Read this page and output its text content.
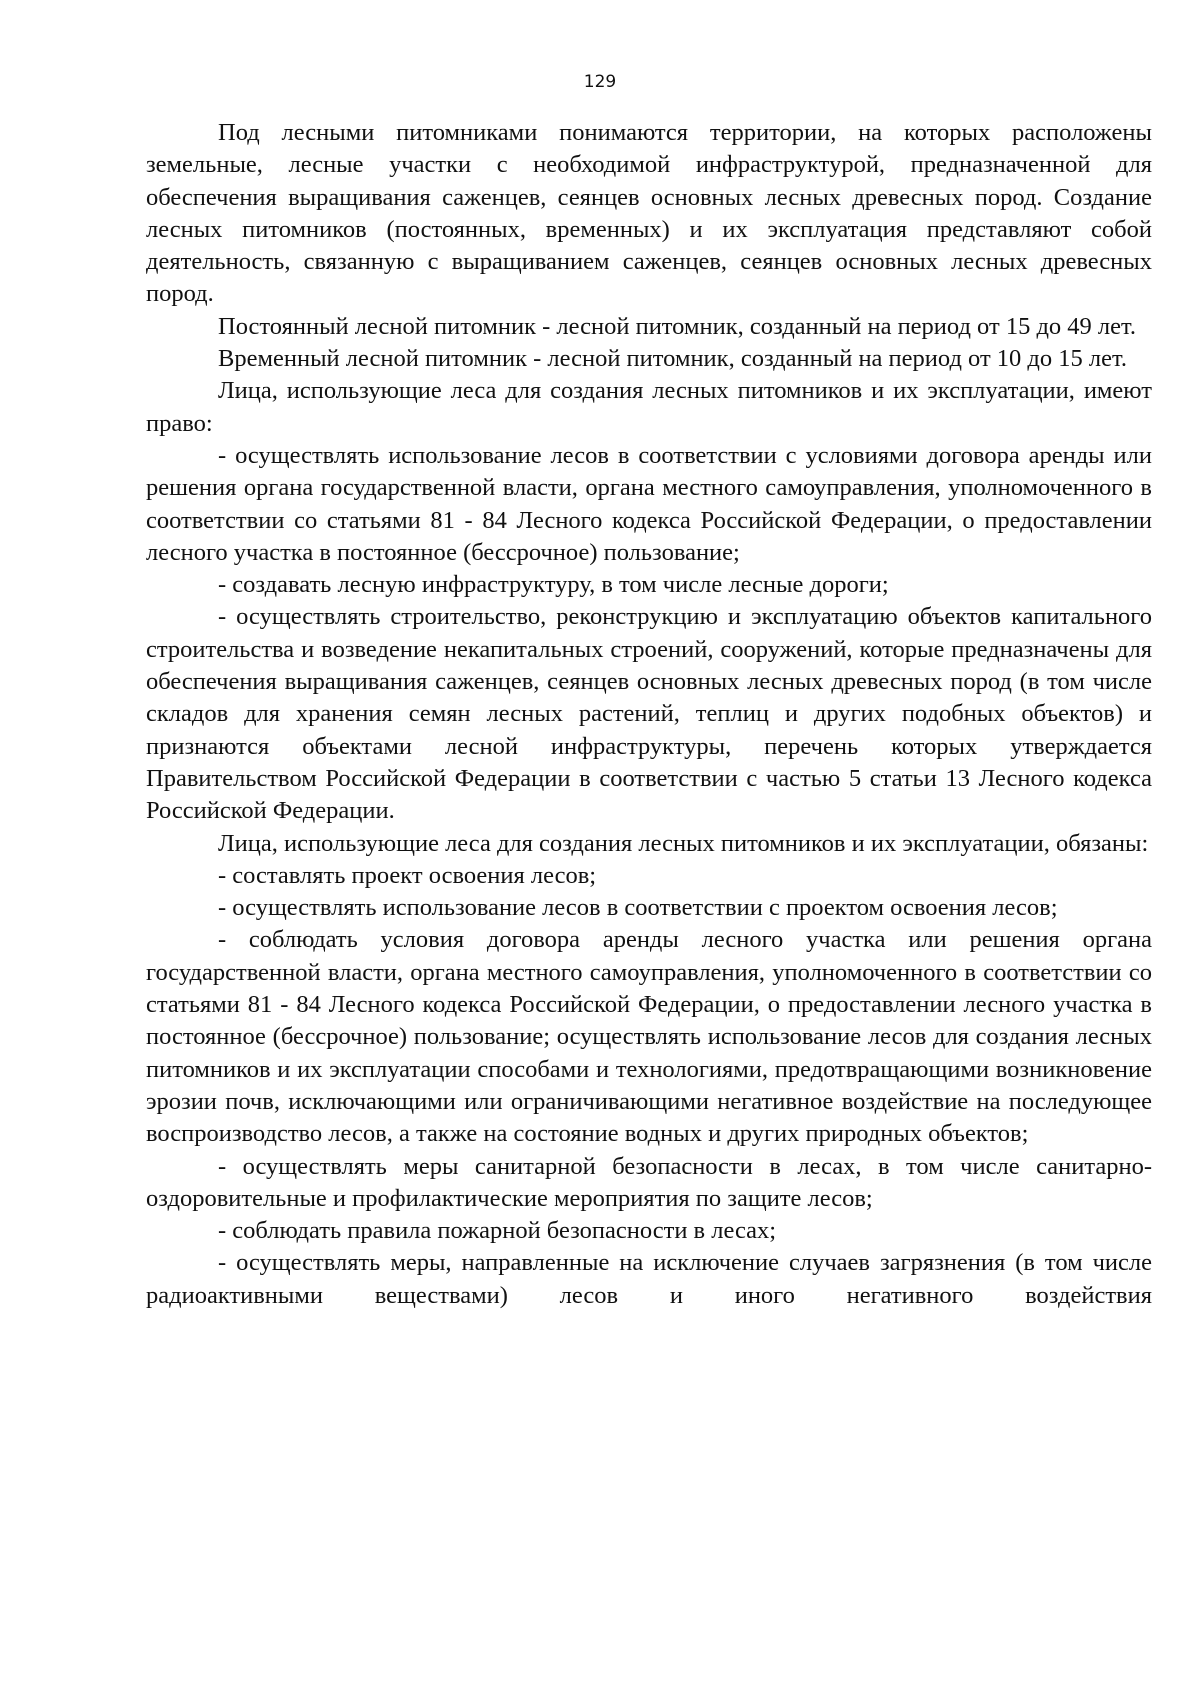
129

Под лесными питомниками понимаются территории, на которых расположены земельные, лесные участки с необходимой инфраструктурой, предназначенной для обеспечения выращивания саженцев, сеянцев основных лесных древесных пород. Создание лесных питомников (постоянных, временных) и их эксплуатация представляют собой деятельность, связанную с выращиванием саженцев, сеянцев основных лесных древесных пород.

Постоянный лесной питомник - лесной питомник, созданный на период от 15 до 49 лет.

Временный лесной питомник - лесной питомник, созданный на период от 10 до 15 лет.

Лица, использующие леса для создания лесных питомников и их эксплуатации, имеют право:

- осуществлять использование лесов в соответствии с условиями договора аренды или решения органа государственной власти, органа местного самоуправления, уполномоченного в соответствии со статьями 81 - 84 Лесного кодекса Российской Федерации, о предоставлении лесного участка в постоянное (бессрочное) пользование;

- создавать лесную инфраструктуру, в том числе лесные дороги;

- осуществлять строительство, реконструкцию и эксплуатацию объектов капитального строительства и возведение некапитальных строений, сооружений, которые предназначены для обеспечения выращивания саженцев, сеянцев основных лесных древесных пород (в том числе складов для хранения семян лесных растений, теплиц и других подобных объектов) и признаются объектами лесной инфраструктуры, перечень которых утверждается Правительством Российской Федерации в соответствии с частью 5 статьи 13 Лесного кодекса Российской Федерации.

Лица, использующие леса для создания лесных питомников и их эксплуатации, обязаны:

- составлять проект освоения лесов;

- осуществлять использование лесов в соответствии с проектом освоения лесов;

- соблюдать условия договора аренды лесного участка или решения органа государственной власти, органа местного самоуправления, уполномоченного в соответствии со статьями 81 - 84 Лесного кодекса Российской Федерации, о предоставлении лесного участка в постоянное (бессрочное) пользование; осуществлять использование лесов для создания лесных питомников и их эксплуатации способами и технологиями, предотвращающими возникновение эрозии почв, исключающими или ограничивающими негативное воздействие на последующее воспроизводство лесов, а также на состояние водных и других природных объектов;

- осуществлять меры санитарной безопасности в лесах, в том числе санитарно-оздоровительные и профилактические мероприятия по защите лесов;

- соблюдать правила пожарной безопасности в лесах;

- осуществлять меры, направленные на исключение случаев загрязнения (в том числе радиоактивными веществами) лесов и иного негативного воздействия
